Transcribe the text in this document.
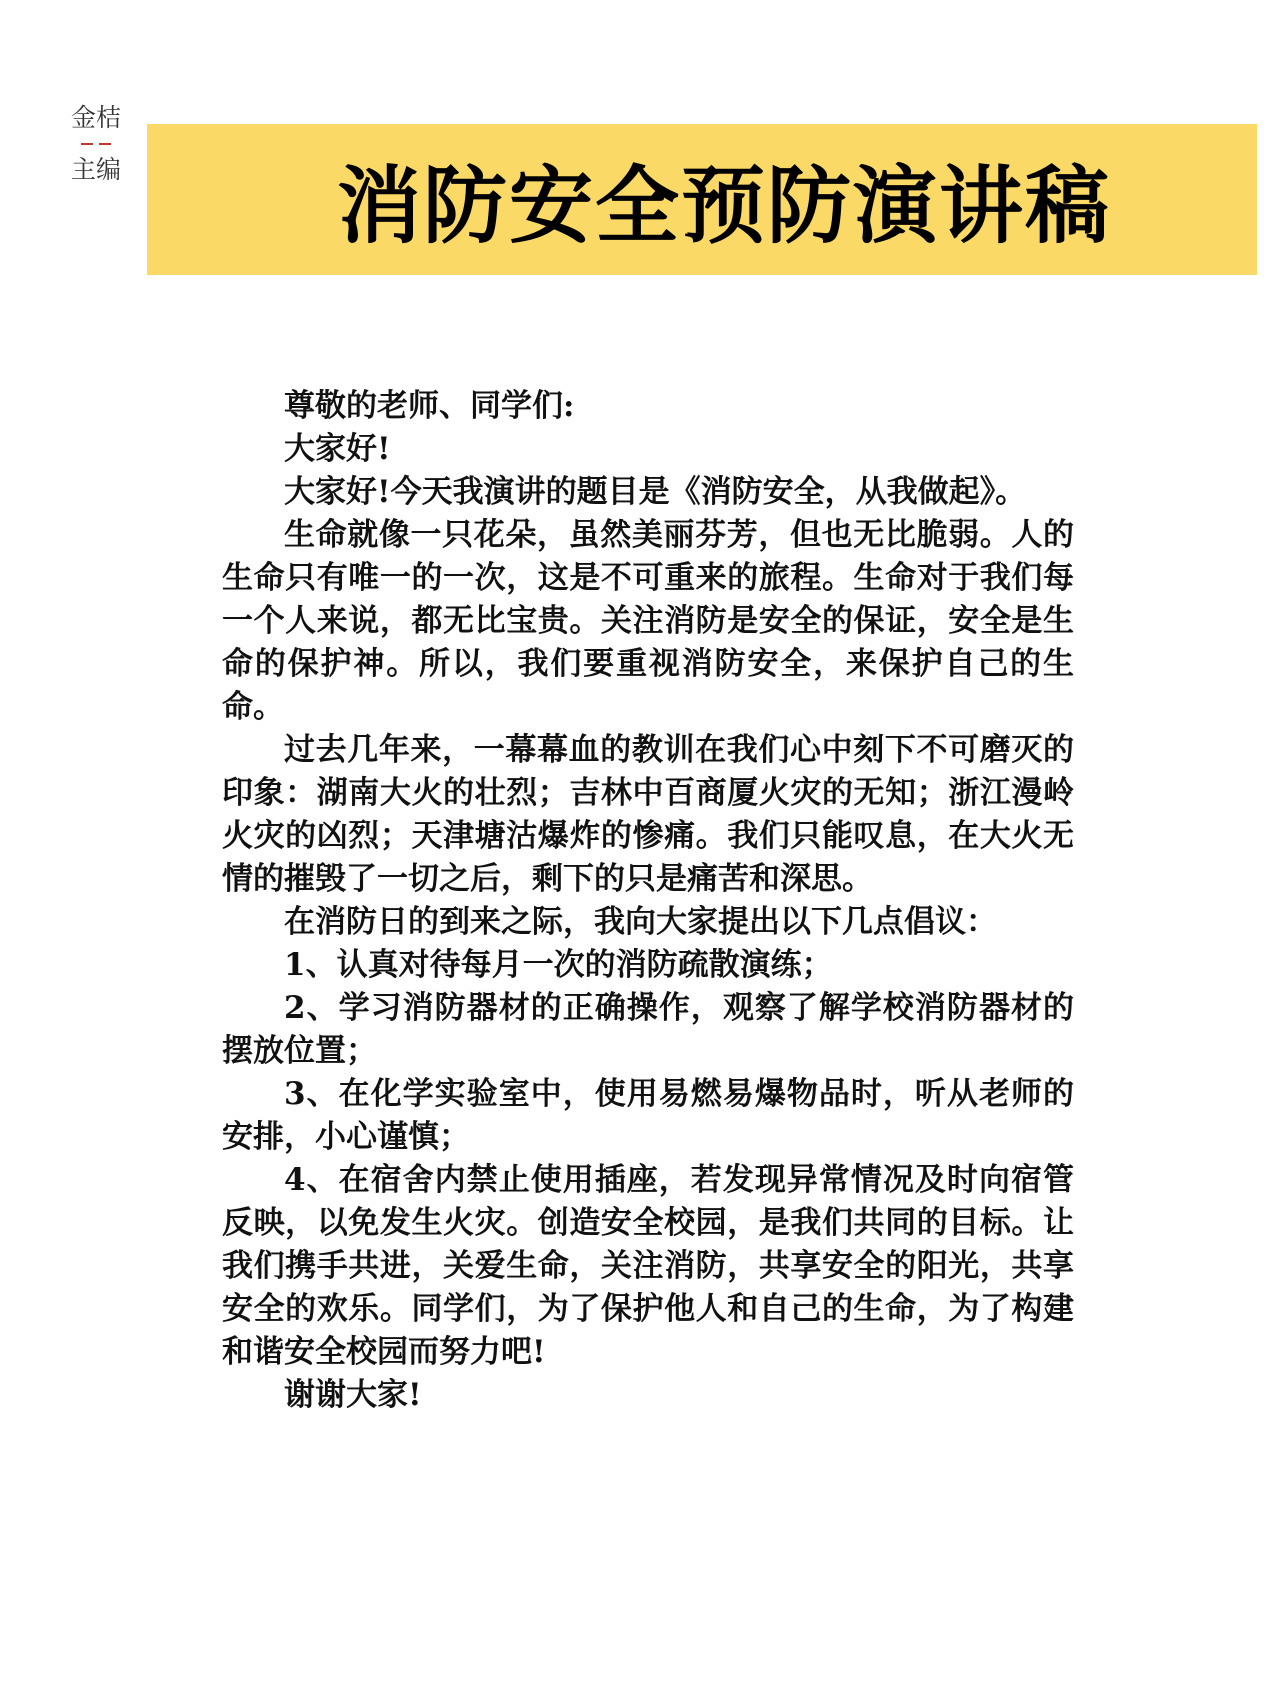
金桔
主编	消防安全预防演讲稿

尊敬的老师、同学们:

大家好!

大家好!今天我演讲的题目是《消防安全，从我做起》。

生命就像一只花朵，虽然美丽芬芳，但也无比脆弱。人的生命只有唯一的一次，这是不可重来的旅程。生命对于我们每一个人来说，都无比宝贵。关注消防是安全的保证，安全是生命的保护神。所以，我们要重视消防安全，来保护自己的生命。

过去几年来，一幕幕血的教训在我们心中刻下不可磨灭的印象：湖南大火的壮烈；吉林中百商厦火灾的无知；浙江漫岭火灾的凶烈；天津塘沽爆炸的惨痛。我们只能叹息，在大火无情的摧毁了一切之后，剩下的只是痛苦和深思。

在消防日的到来之际，我向大家提出以下几点倡议：

1、认真对待每月一次的消防疏散演练；

2、学习消防器材的正确操作，观察了解学校消防器材的摆放位置；

3、在化学实验室中，使用易燃易爆物品时，听从老师的安排，小心谨慎；

4、在宿舍内禁止使用插座，若发现异常情况及时向宿管反映，以免发生火灾。创造安全校园，是我们共同的目标。让我们携手共进，关爱生命，关注消防，共享安全的阳光，共享安全的欢乐。同学们，为了保护他人和自己的生命，为了构建和谐安全校园而努力吧!

谢谢大家!
